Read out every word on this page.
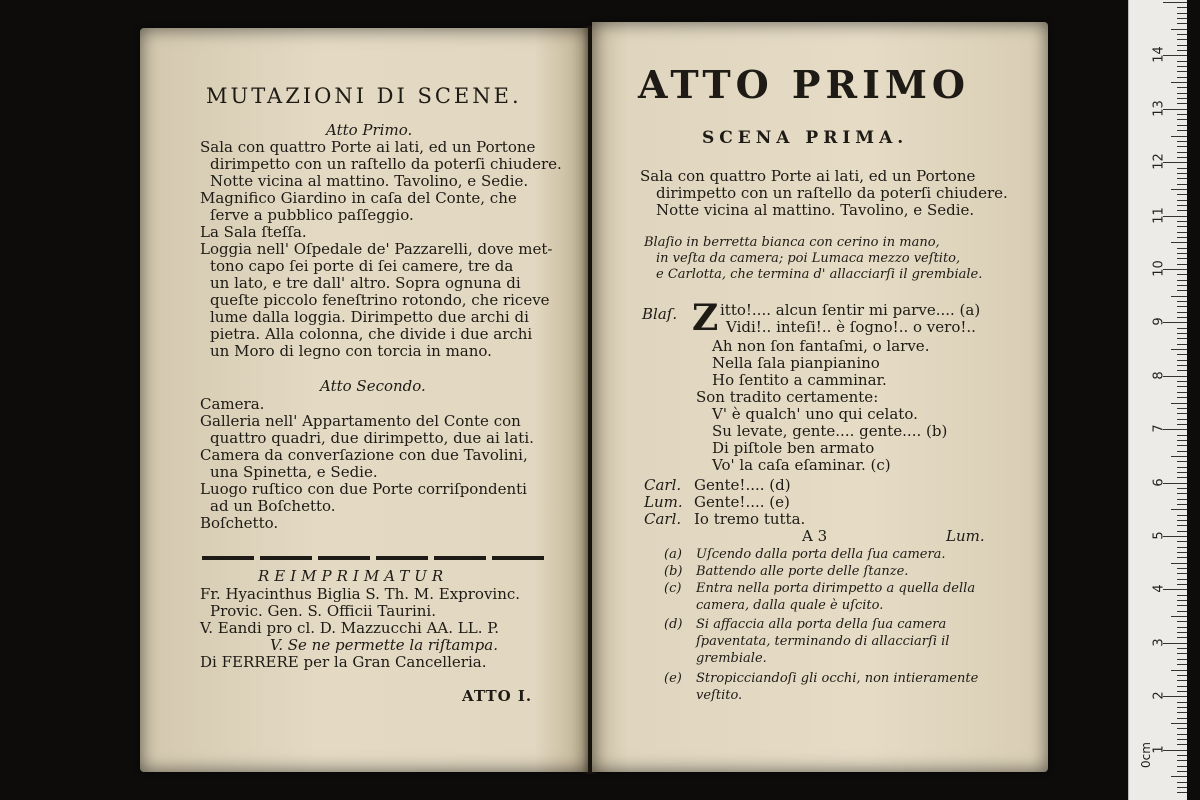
MUTAZIONI DI SCENE.
Atto Primo.
Sala con quattro Porte ai lati, ed un Portone
dirimpetto con un raſtello da poterſi chiudere.
Notte vicina al mattino. Tavolino, e Sedie.
Magnifico Giardino in caſa del Conte, che
ſerve a pubblico paſſeggio.
La Sala ſteſſa.
Loggia nell' Oſpedale de' Pazzarelli, dove met-
tono capo ſei porte di ſei camere, tre da
un lato, e tre dall' altro. Sopra ognuna di
queſte piccolo feneſtrino rotondo, che riceve
lume dalla loggia. Dirimpetto due archi di
pietra. Alla colonna, che divide i due archi
un Moro di legno con torcia in mano.
Atto Secondo.
Camera.
Galleria nell' Appartamento del Conte con
quattro quadri, due dirimpetto, due ai lati.
Camera da converſazione con due Tavolini,
una Spinetta, e Sedie.
Luogo ruſtico con due Porte corriſpondenti
ad un Boſchetto.
Boſchetto.
REIMPRIMATUR
Fr. Hyacinthus Biglia S. Th. M. Exprovinc.
Provic. Gen. S. Officii Taurini.
V. Eandi pro cl. D. Mazzucchi AA. LL. P.
V. Se ne permette la riſtampa.
Di FERRERE per la Gran Cancelleria.
ATTO I.
ATTO PRIMO
SCENA PRIMA.
Sala con quattro Porte ai lati, ed un Portone
dirimpetto con un raſtello da poterſi chiudere.
Notte vicina al mattino. Tavolino, e Sedie.
Blaſio in berretta bianca con cerino in mano,
in veſta da camera; poi Lumaca mezzo veſtito,
e Carlotta, che termina d' allacciarſi il grembiale.
Blaſ. Z itto!.... alcun ſentir mi parve.... (a)
Vidi!.. inteſi!.. è ſogno!.. o vero!..
Ah non ſon fantaſmi, o larve.
Nella ſala pianpianino
Ho ſentito a camminar.
Son tradito certamente:
V' è qualch' uno qui celato.
Su levate, gente.... gente.... (b)
Di piſtole ben armato
Vo' la caſa eſaminar. (c)
Carl. Gente!.... (d)
Lum. Gente!.... (e)
Carl. Io tremo tutta.
A 3	Lum.
(a) Uſcendo dalla porta della ſua camera.
(b) Battendo alle porte delle ſtanze.
(c) Entra nella porta dirimpetto a quella della
camera, dalla quale è uſcito.
(d) Si affaccia alla porta della ſua camera
ſpaventata, terminando di allacciarſi il
grembiale.
(e) Stropicciandoſi gli occhi, non intieramente
veſtito.
0cm
14
13
12
11
10
9
8
7
6
5
4
3
2
1
